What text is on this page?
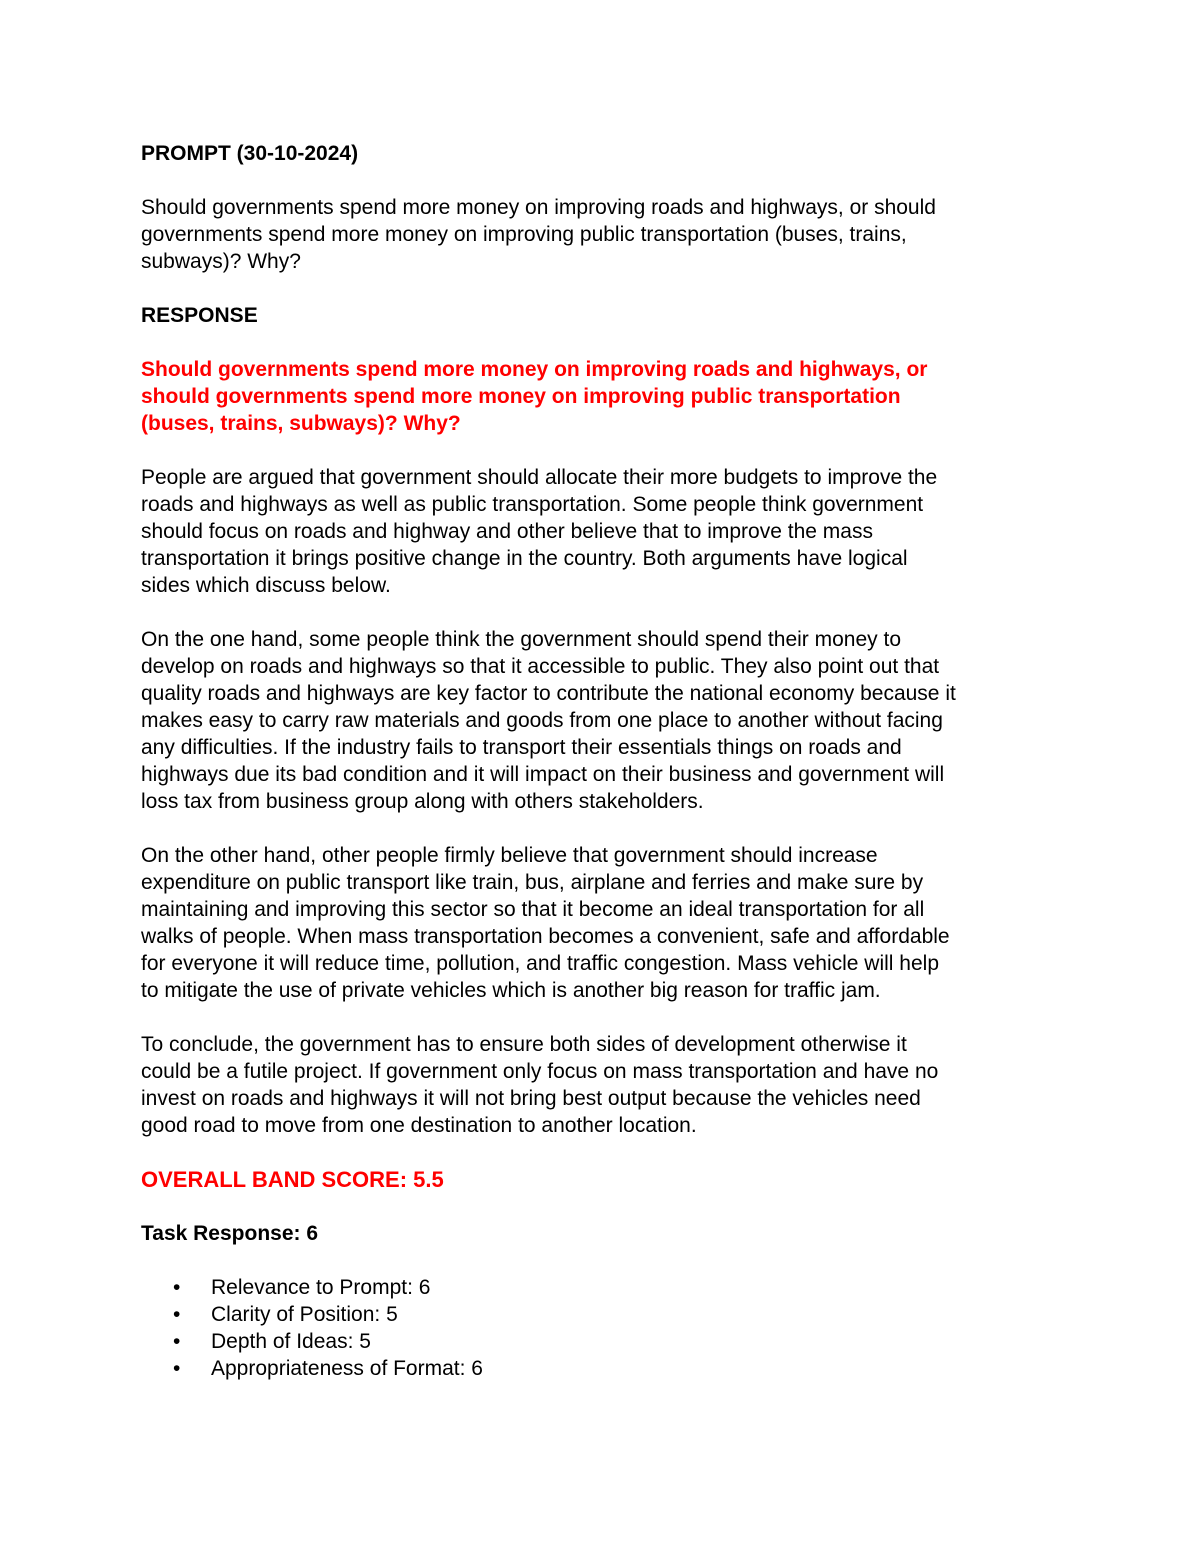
PROMPT (30-10-2024)

Should governments spend more money on improving roads and highways, or should
governments spend more money on improving public transportation (buses, trains,
subways)? Why?

RESPONSE

Should governments spend more money on improving roads and highways, or
should governments spend more money on improving public transportation
(buses, trains, subways)? Why?

People are argued that government should allocate their more budgets to improve the
roads and highways as well as public transportation. Some people think government
should focus on roads and highway and other believe that to improve the mass
transportation it brings positive change in the country. Both arguments have logical
sides which discuss below.

On the one hand, some people think the government should spend their money to
develop on roads and highways so that it accessible to public. They also point out that
quality roads and highways are key factor to contribute the national economy because it
makes easy to carry raw materials and goods from one place to another without facing
any difficulties. If the industry fails to transport their essentials things on roads and
highways due its bad condition and it will impact on their business and government will
loss tax from business group along with others stakeholders.

On the other hand, other people firmly believe that government should increase
expenditure on public transport like train, bus, airplane and ferries and make sure by
maintaining and improving this sector so that it become an ideal transportation for all
walks of people. When mass transportation becomes a convenient, safe and affordable
for everyone it will reduce time, pollution, and traffic congestion. Mass vehicle will help
to mitigate the use of private vehicles which is another big reason for traffic jam.

To conclude, the government has to ensure both sides of development otherwise it
could be a futile project. If government only focus on mass transportation and have no
invest on roads and highways it will not bring best output because the vehicles need
good road to move from one destination to another location.

OVERALL BAND SCORE: 5.5

Task Response: 6

• Relevance to Prompt: 6
• Clarity of Position: 5
• Depth of Ideas: 5
• Appropriateness of Format: 6
